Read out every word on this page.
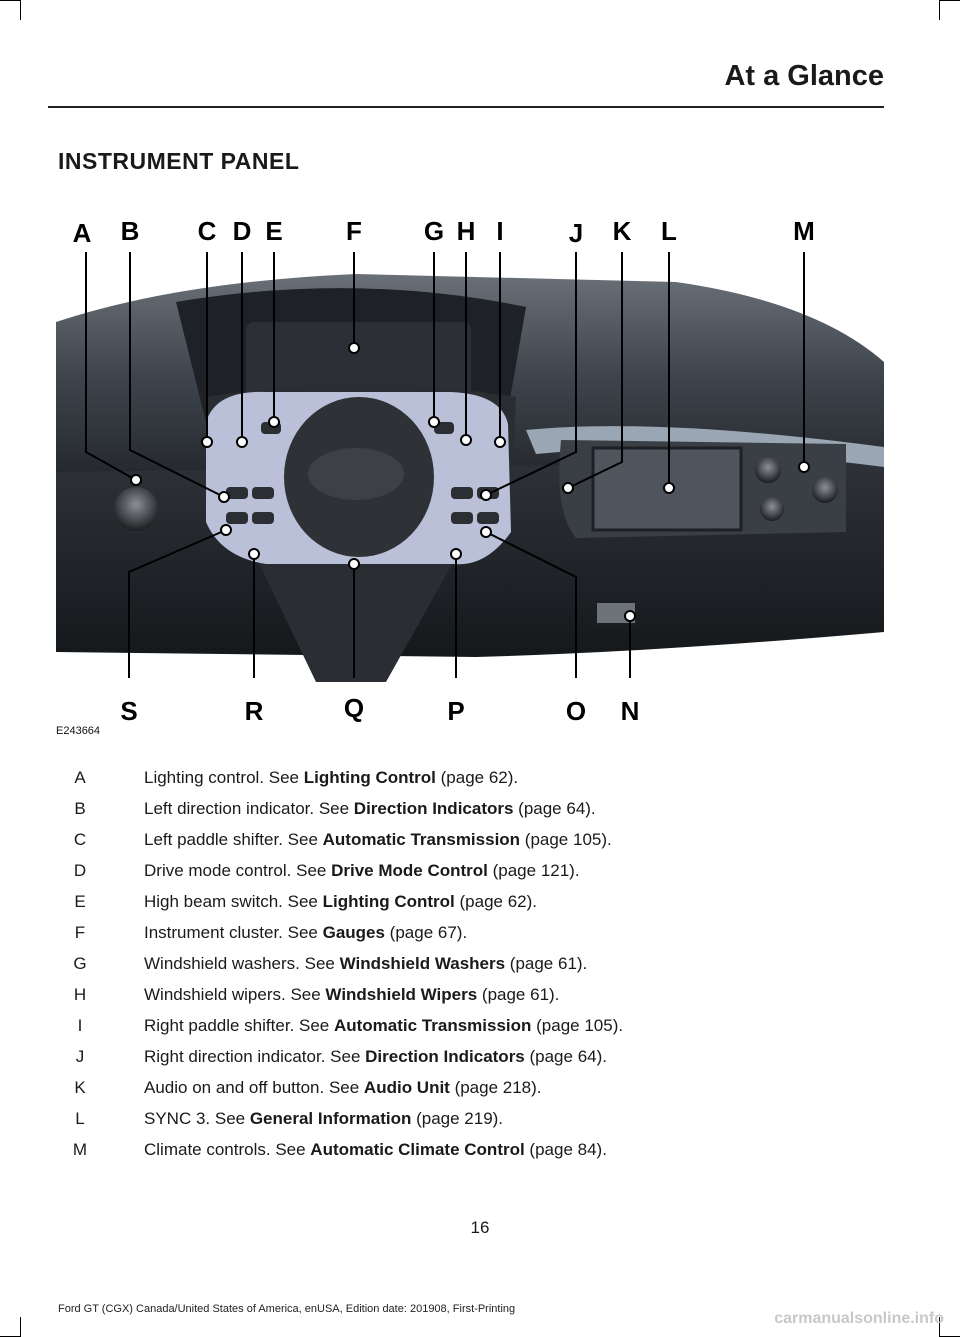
At a Glance
INSTRUMENT PANEL
A B C D E F G H I	J K L	M
S	R	Q	P	O N
E243664
A	Lighting control. See Lighting Control (page 62).
B	Left direction indicator. See Direction Indicators (page 64).
C	Left paddle shifter. See Automatic Transmission (page 105).
D	Drive mode control. See Drive Mode Control (page 121).
E	High beam switch. See Lighting Control (page 62).
F	Instrument cluster. See Gauges (page 67).
G	Windshield washers. See Windshield Washers (page 61).
H	Windshield wipers. See Windshield Wipers (page 61).
I	Right paddle shifter. See Automatic Transmission (page 105).
J	Right direction indicator. See Direction Indicators (page 64).
K	Audio on and off button. See Audio Unit (page 218).
L	SYNC 3. See General Information (page 219).
M	Climate controls. See Automatic Climate Control (page 84).
16
Ford GT (CGX) Canada/United States of America, enUSA, Edition date: 201908, First-Printing
carmanualsonline.info
